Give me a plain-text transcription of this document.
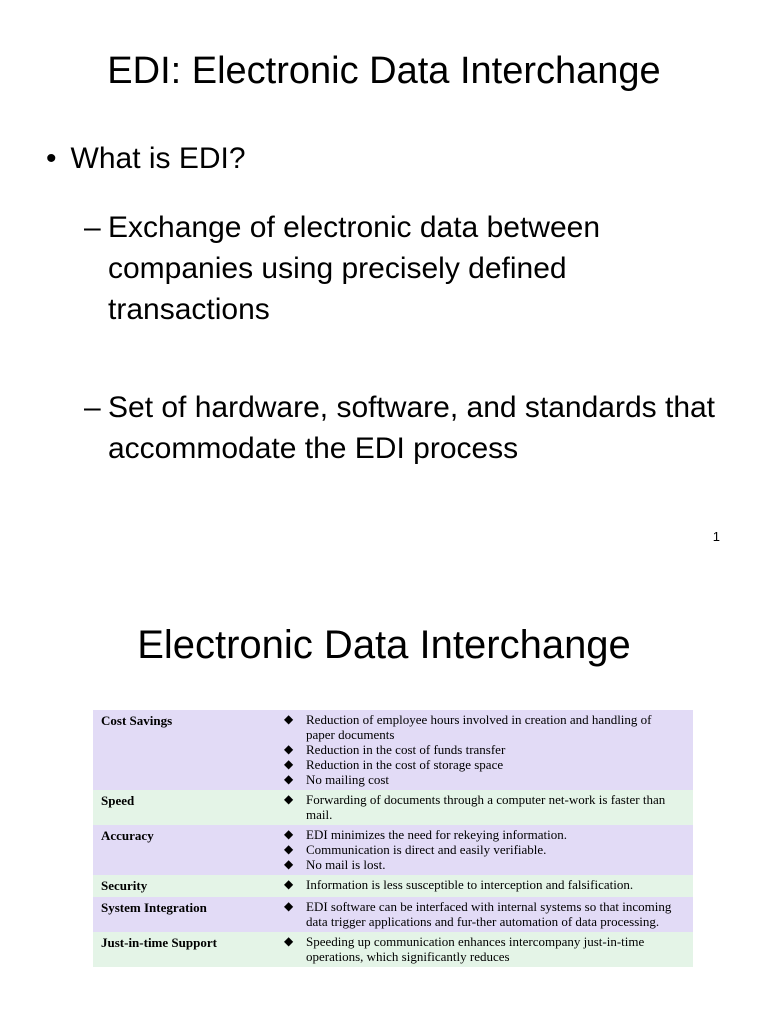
EDI: Electronic Data Interchange
• What is EDI?
– Exchange of electronic data between companies using precisely defined transactions
– Set of hardware, software, and standards that accommodate the EDI process
1
Electronic Data Interchange
Cost Savings	◆ Reduction of employee hours involved in creation and handling of paper documents
◆ Reduction in the cost of funds transfer
◆ Reduction in the cost of storage space
◆ No mailing cost
Speed	◆ Forwarding of documents through a computer net-work is faster than mail.
Accuracy	◆ EDI minimizes the need for rekeying information.
◆ Communication is direct and easily verifiable.
◆ No mail is lost.
Security	◆ Information is less susceptible to interception and falsification.
System Integration	◆ EDI software can be interfaced with internal systems so that incoming data trigger applications and fur-ther automation of data processing.
Just-in-time Support	◆ Speeding up communication enhances intercompany just-in-time operations, which significantly reduces
